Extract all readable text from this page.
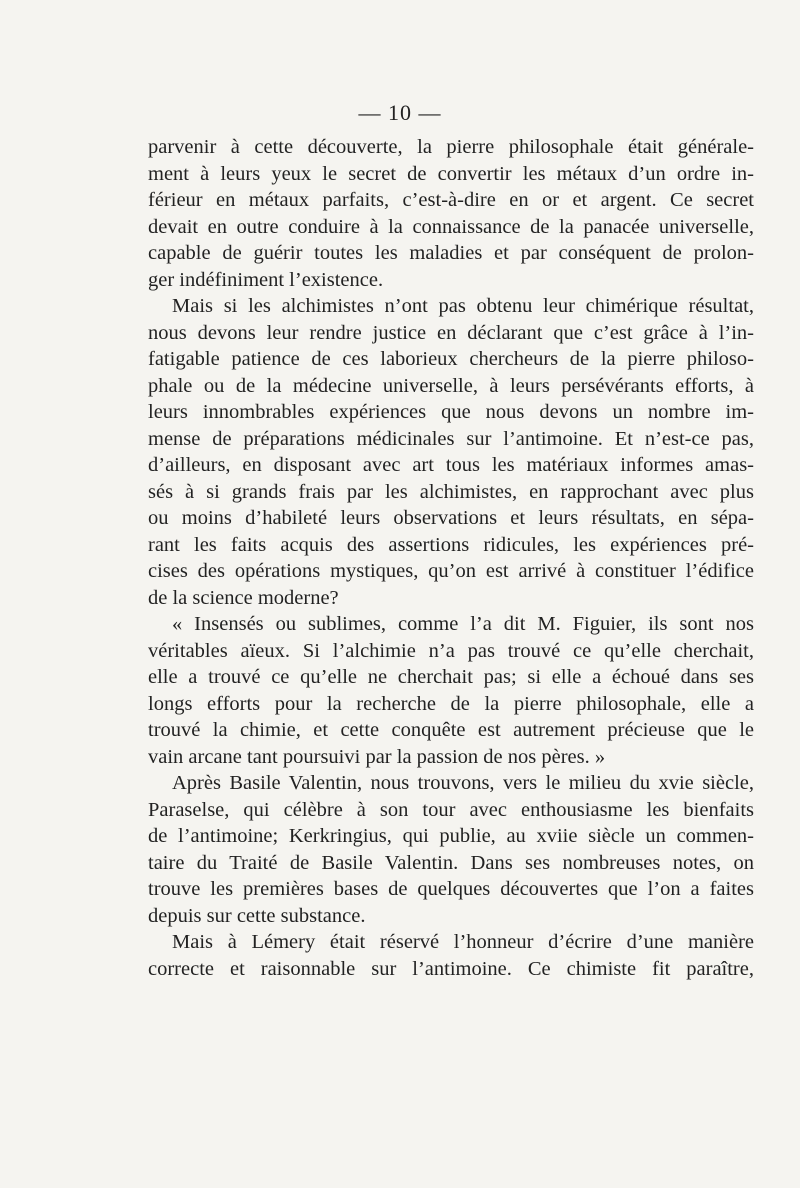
— 10 —
parvenir à cette découverte, la pierre philosophale était générale-
ment à leurs yeux le secret de convertir les métaux d’un ordre in-
férieur en métaux parfaits, c’est-à-dire en or et argent. Ce secret
devait en outre conduire à la connaissance de la panacée universelle,
capable de guérir toutes les maladies et par conséquent de prolon-
ger indéfiniment l’existence.
Mais si les alchimistes n’ont pas obtenu leur chimérique résultat,
nous devons leur rendre justice en déclarant que c’est grâce à l’in-
fatigable patience de ces laborieux chercheurs de la pierre philoso-
phale ou de la médecine universelle, à leurs persévérants efforts, à
leurs innombrables expériences que nous devons un nombre im-
mense de préparations médicinales sur l’antimoine. Et n’est-ce pas,
d’ailleurs, en disposant avec art tous les matériaux informes amas-
sés à si grands frais par les alchimistes, en rapprochant avec plus
ou moins d’habileté leurs observations et leurs résultats, en sépa-
rant les faits acquis des assertions ridicules, les expériences pré-
cises des opérations mystiques, qu’on est arrivé à constituer l’édifice
de la science moderne?
« Insensés ou sublimes, comme l’a dit M. Figuier, ils sont nos
véritables aïeux. Si l’alchimie n’a pas trouvé ce qu’elle cherchait,
elle a trouvé ce qu’elle ne cherchait pas; si elle a échoué dans ses
longs efforts pour la recherche de la pierre philosophale, elle a
trouvé la chimie, et cette conquête est autrement précieuse que le
vain arcane tant poursuivi par la passion de nos pères. »
Après Basile Valentin, nous trouvons, vers le milieu du xvie siècle,
Paraselse, qui célèbre à son tour avec enthousiasme les bienfaits
de l’antimoine; Kerkringius, qui publie, au xviie siècle un commen-
taire du Traité de Basile Valentin. Dans ses nombreuses notes, on
trouve les premières bases de quelques découvertes que l’on a faites
depuis sur cette substance.
Mais à Lémery était réservé l’honneur d’écrire d’une manière
correcte et raisonnable sur l’antimoine. Ce chimiste fit paraître,
